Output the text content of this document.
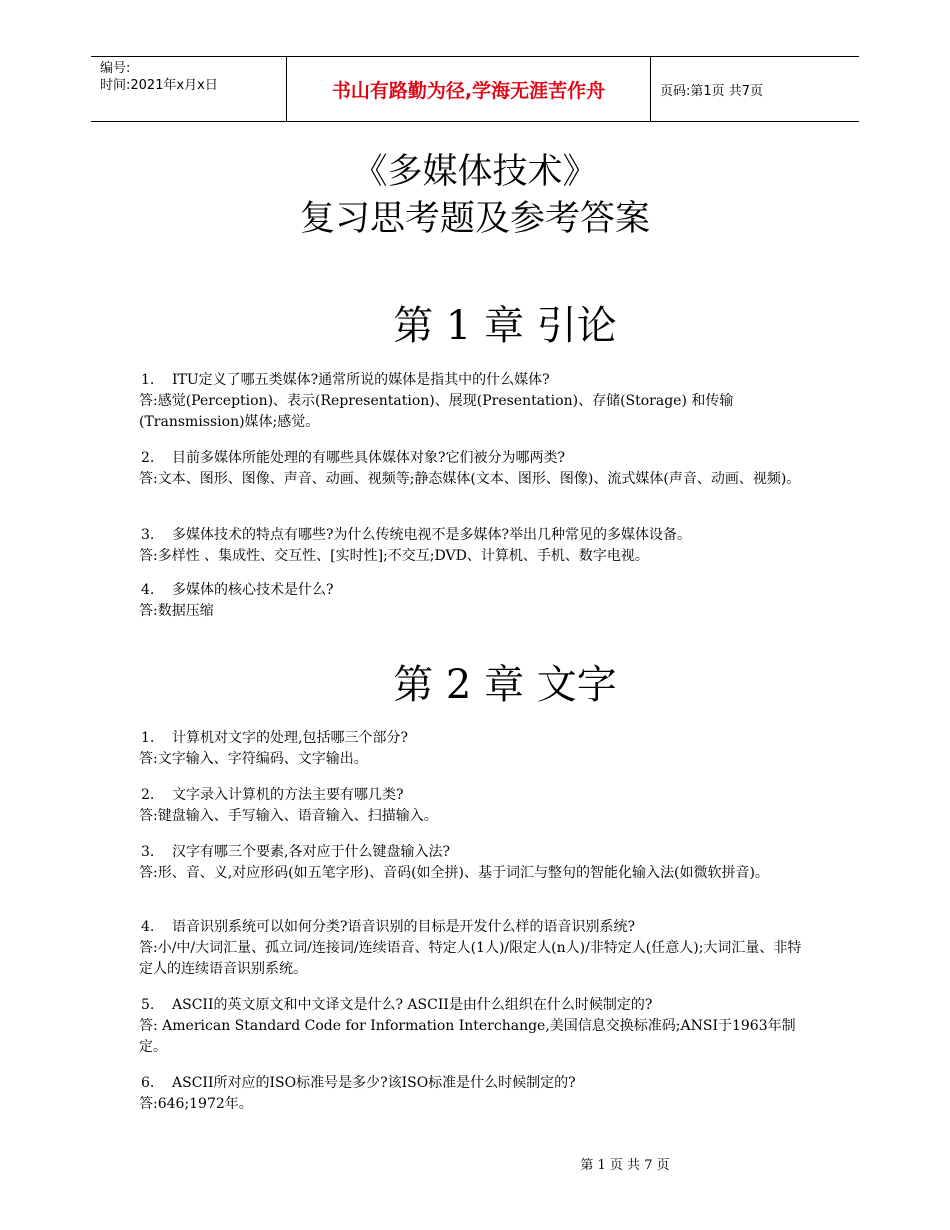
编号:
时间:2021年x月x日	书山有路勤为径,学海无涯苦作舟	页码:第1页 共7页
《多媒体技术》
复习思考题及参考答案
第 1 章 引论
1. ITU定义了哪五类媒体?通常所说的媒体是指其中的什么媒体?
答:感觉(Perception)、表示(Representation)、展现(Presentation)、存储(Storage) 和传输(Transmission)媒体;感觉。
2. 目前多媒体所能处理的有哪些具体媒体对象?它们被分为哪两类?
答:文本、图形、图像、声音、动画、视频等;静态媒体(文本、图形、图像)、流式媒体(声音、动画、视频)。
3. 多媒体技术的特点有哪些?为什么传统电视不是多媒体?举出几种常见的多媒体设备。
答:多样性 、集成性、交互性、[实时性];不交互;DVD、计算机、手机、数字电视。
4. 多媒体的核心技术是什么?
答:数据压缩
第 2 章 文字
1. 计算机对文字的处理,包括哪三个部分?
答:文字输入、字符编码、文字输出。
2. 文字录入计算机的方法主要有哪几类?
答:键盘输入、手写输入、语音输入、扫描输入。
3. 汉字有哪三个要素,各对应于什么键盘输入法?
答:形、音、义,对应形码(如五笔字形)、音码(如全拼)、基于词汇与整句的智能化输入法(如微软拼音)。
4. 语音识别系统可以如何分类?语音识别的目标是开发什么样的语音识别系统?
答:小/中/大词汇量、孤立词/连接词/连续语音、特定人(1人)/限定人(n人)/非特定人(任意人);大词汇量、非特定人的连续语音识别系统。
5. ASCII的英文原文和中文译文是什么? ASCII是由什么组织在什么时候制定的?
答: American Standard Code for Information Interchange,美国信息交换标准码;ANSI于1963年制定。
6. ASCII所对应的ISO标准号是多少?该ISO标准是什么时候制定的?
答:646;1972年。
第 1 页 共 7 页
